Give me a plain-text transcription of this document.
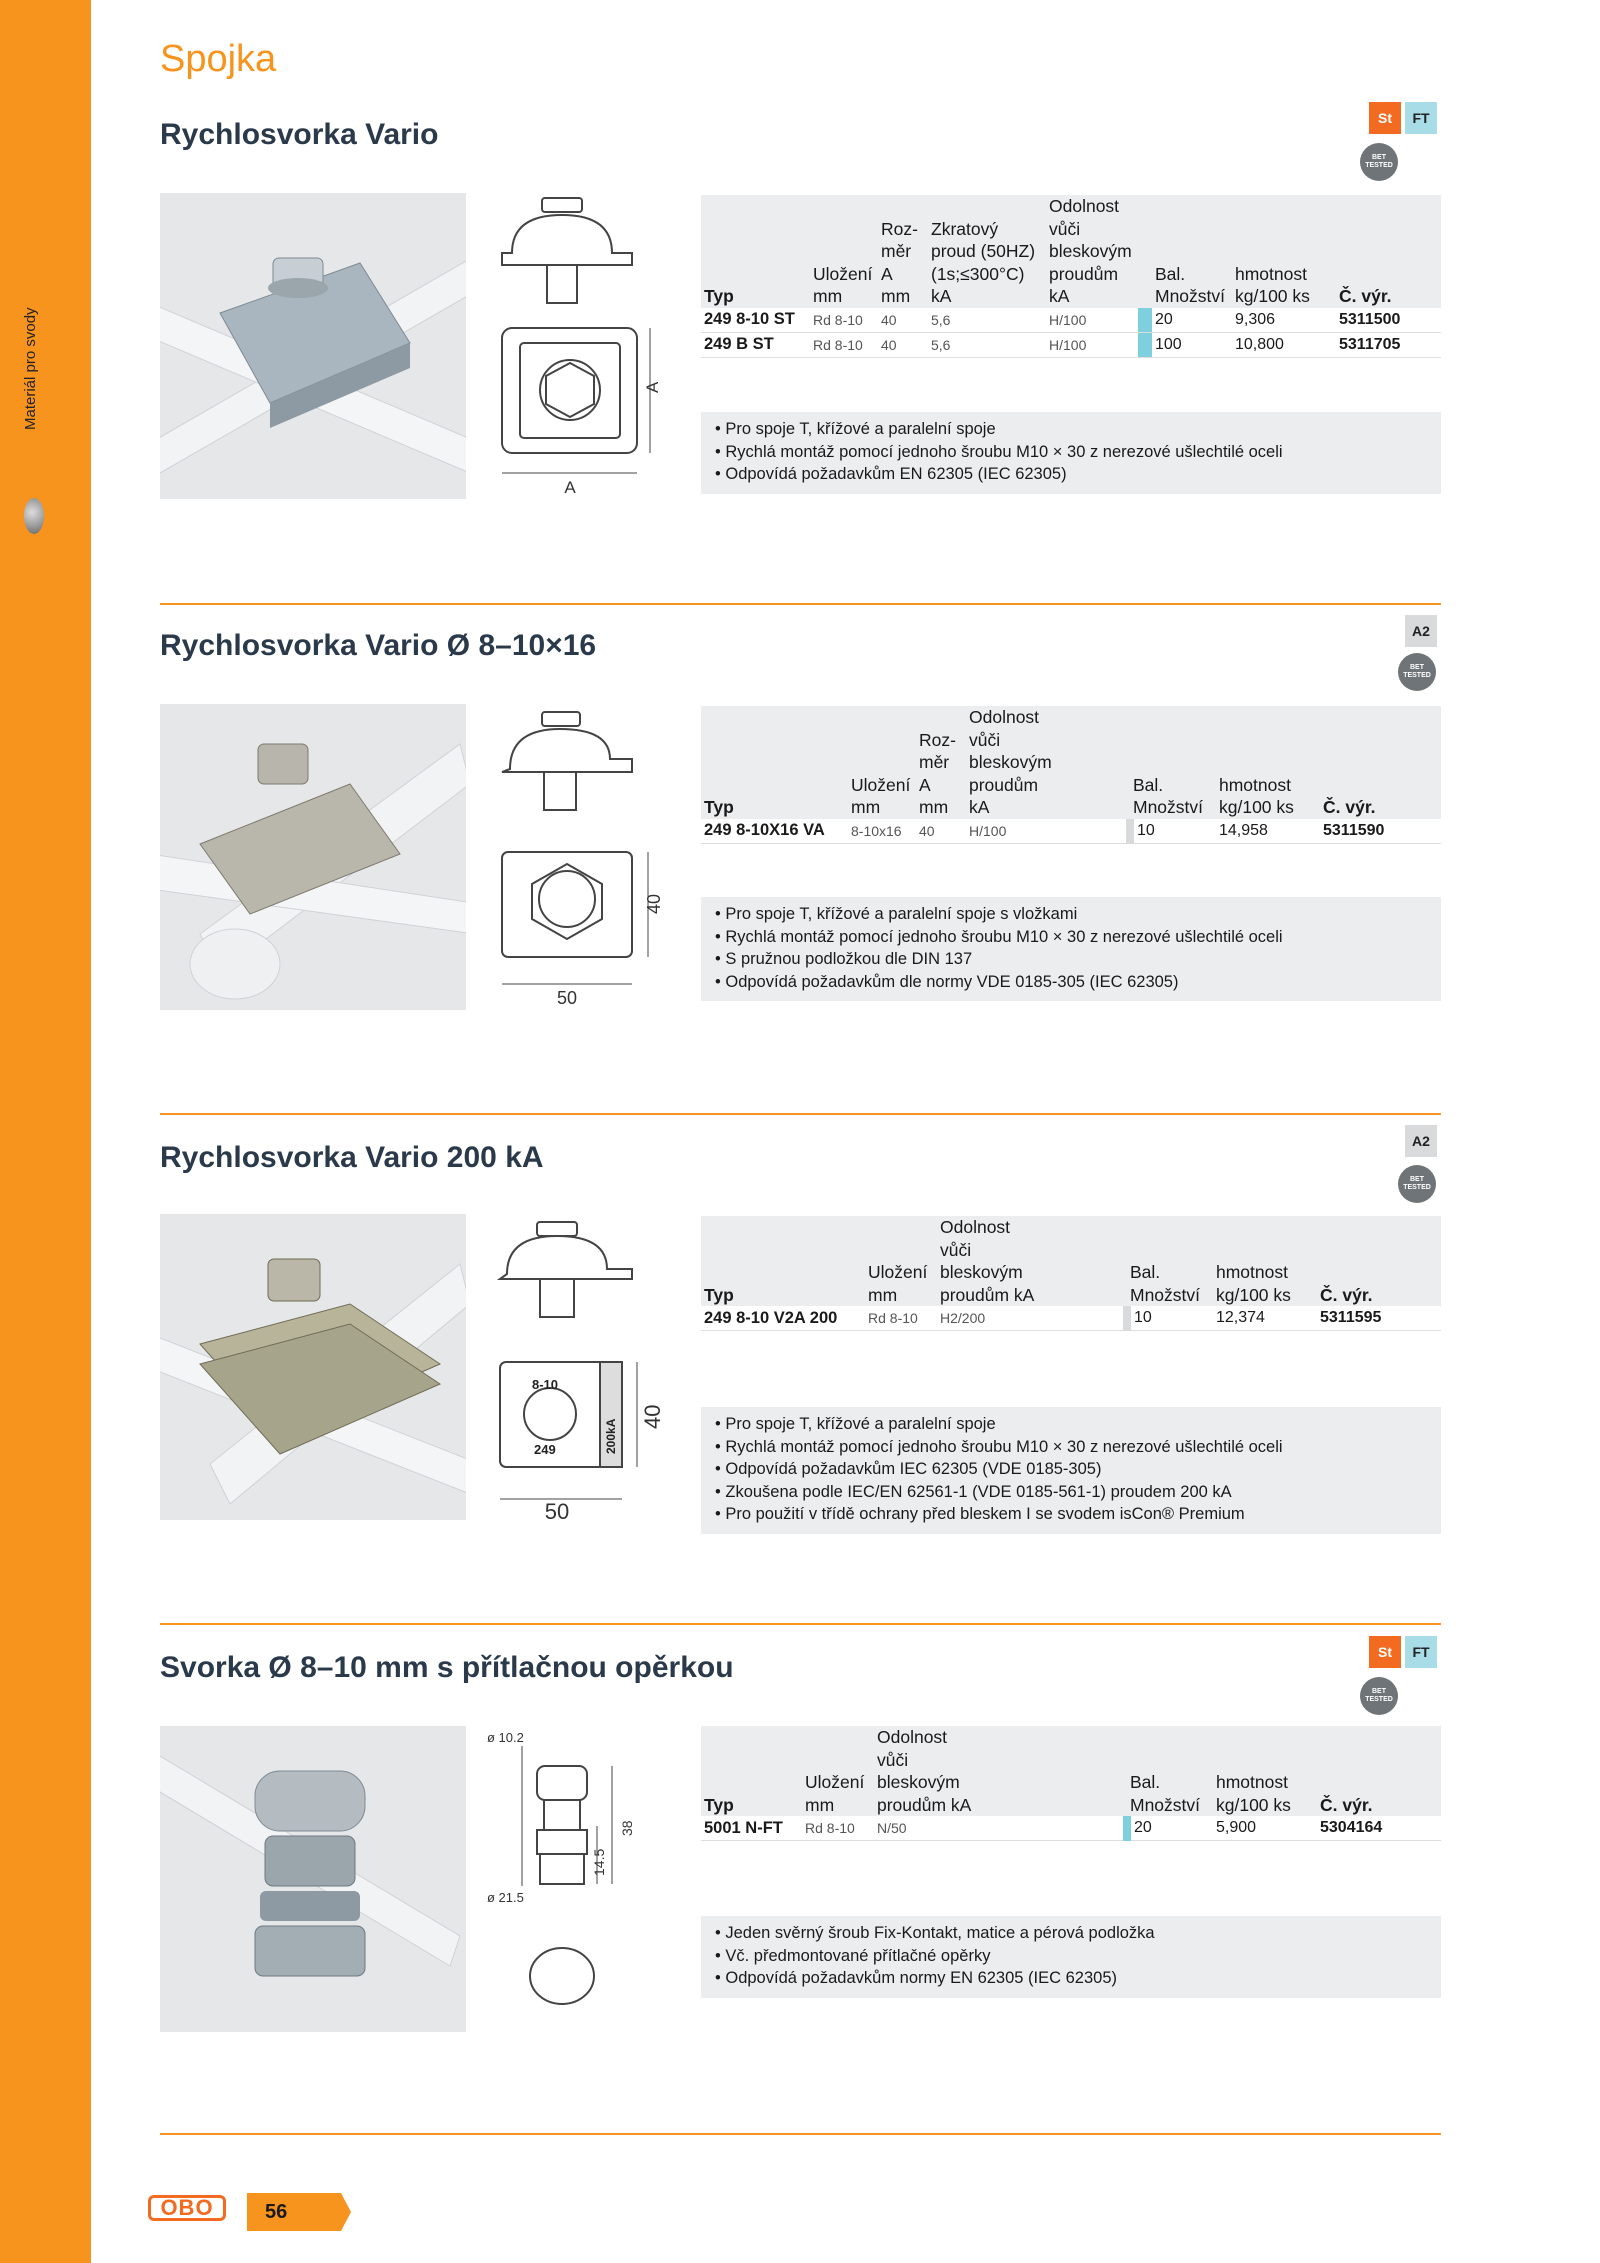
Materiál pro svody
Spojka
Rychlosvorka Vario	St	FT
BET TESTED
A
A
Typ	Uložení mm	Roz- měr A mm	Zkratový proud (50HZ) (1s;≤300°C) kA	Odolnost vůči bleskovým proudům kA		Bal. Množství	hmotnost kg/100 ks	Č. výr.
249 8-10 ST	Rd 8-10	40	5,6	H/100		20	9,306	5311500
249 B ST	Rd 8-10	40	5,6	H/100		100	10,800	5311705
• Pro spoje T, křížové a paralelní spoje
• Rychlá montáž pomocí jednoho šroubu M10 × 30 z nerezové ušlechtilé oceli
• Odpovídá požadavkům EN 62305 (IEC 62305)
Rychlosvorka Vario Ø 8–10×16	A2
BET TESTED
50
40
Typ	Uložení mm	Roz- měr A mm	Odolnost vůči bleskovým proudům kA		Bal. Množství	hmotnost kg/100 ks	Č. výr.
249 8-10X16 VA	8-10x16	40	H/100		10	14,958	5311590
• Pro spoje T, křížové a paralelní spoje s vložkami
• Rychlá montáž pomocí jednoho šroubu M10 × 30 z nerezové ušlechtilé oceli
• S pružnou podložkou dle DIN 137
• Odpovídá požadavkům dle normy VDE 0185-305 (IEC 62305)
Rychlosvorka Vario 200 kA	A2
BET TESTED
8-10
249	200kA
50
40
Typ	Uložení mm	Odolnost vůči bleskovým proudům kA		Bal. Množství	hmotnost kg/100 ks	Č. výr.
249 8-10 V2A 200	Rd 8-10	H2/200		10	12,374	5311595
• Pro spoje T, křížové a paralelní spoje
• Rychlá montáž pomocí jednoho šroubu M10 × 30 z nerezové ušlechtilé oceli
• Odpovídá požadavkům IEC 62305 (VDE 0185-305)
• Zkoušena podle IEC/EN 62561-1 (VDE 0185-561-1) proudem 200 kA
• Pro použití v třídě ochrany před bleskem I se svodem isCon® Premium
Svorka Ø 8–10 mm s přítlačnou opěrkou	St	FT
BET TESTED
ø 10.2
ø 21.5
38
14.5
Typ	Uložení mm	Odolnost vůči bleskovým proudům kA		Bal. Množství	hmotnost kg/100 ks	Č. výr.
5001 N-FT	Rd 8-10	N/50		20	5,900	5304164
• Jeden svěrný šroub Fix-Kontakt, matice a pérová podložka
• Vč. předmontované přítlačné opěrky
• Odpovídá požadavkům normy EN 62305 (IEC 62305)
OBO	56
